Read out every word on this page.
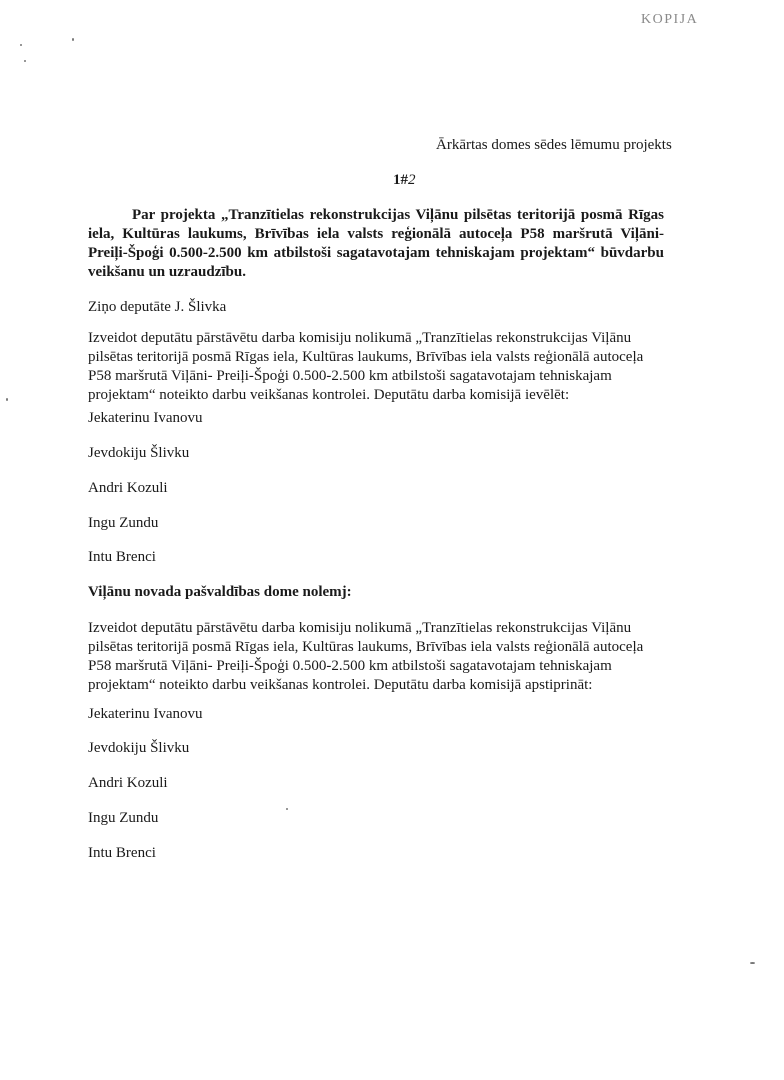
KOPIJA
Ārkārtas domes sēdes lēmumu projekts
1#2
Par projekta „Tranzītielas rekonstrukcijas Viļānu pilsētas teritorijā posmā Rīgas iela, Kultūras laukums, Brīvības iela valsts reģionālā autoceļa P58 maršrutā Viļāni- Preiļi-Špoģi 0.500-2.500 km atbilstoši sagatavotajam tehniskajam projektam“ būvdarbu veikšanu un uzraudzību.
Ziņo deputāte J. Šlivka
Izveidot deputātu pārstāvētu darba komisiju nolikumā „Tranzītielas rekonstrukcijas Viļānu pilsētas teritorijā posmā Rīgas iela, Kultūras laukums, Brīvības iela valsts reģionālā autoceļa P58 maršrutā Viļāni- Preiļi-Špoģi 0.500-2.500 km atbilstoši sagatavotajam tehniskajam projektam“ noteikto darbu veikšanas kontrolei. Deputātu darba komisijā ievēlēt:
Jekaterinu Ivanovu
Jevdokiju Šlivku
Andri Kozuli
Ingu Zundu
Intu Brenci
Viļānu novada pašvaldības dome nolemj:
Izveidot deputātu pārstāvētu darba komisiju nolikumā „Tranzītielas rekonstrukcijas Viļānu pilsētas teritorijā posmā Rīgas iela, Kultūras laukums, Brīvības iela valsts reģionālā autoceļa P58 maršrutā Viļāni- Preiļi-Špoģi 0.500-2.500 km atbilstoši sagatavotajam tehniskajam projektam“ noteikto darbu veikšanas kontrolei. Deputātu darba komisijā apstiprināt:
Jekaterinu Ivanovu
Jevdokiju Šlivku
Andri Kozuli
Ingu Zundu
Intu Brenci
